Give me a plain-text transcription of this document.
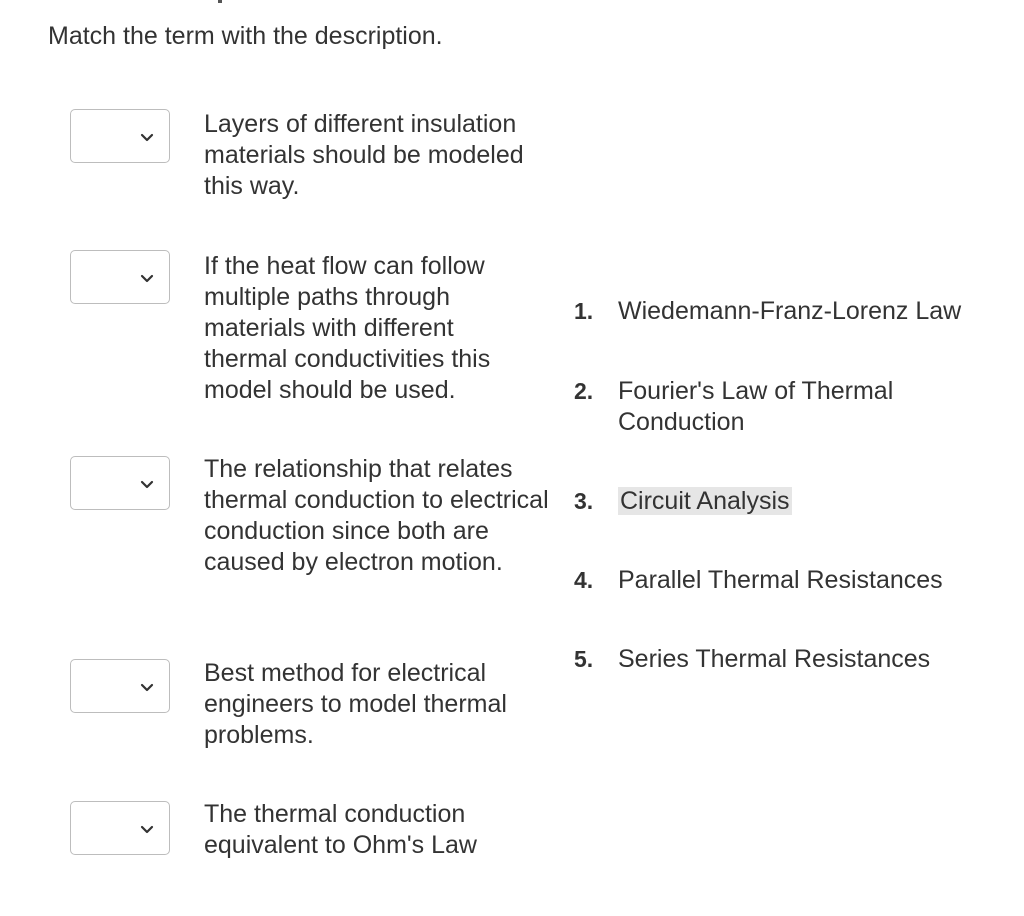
Match the term with the description.
Layers of different insulation materials should be modeled this way.
If the heat flow can follow multiple paths through materials with different thermal conductivities this model should be used.
The relationship that relates thermal conduction to electrical conduction since both are caused by electron motion.
Best method for electrical engineers to model thermal problems.
The thermal conduction equivalent to Ohm's Law
1. Wiedemann-Franz-Lorenz Law
2. Fourier's Law of Thermal Conduction
3. Circuit Analysis
4. Parallel Thermal Resistances
5. Series Thermal Resistances
